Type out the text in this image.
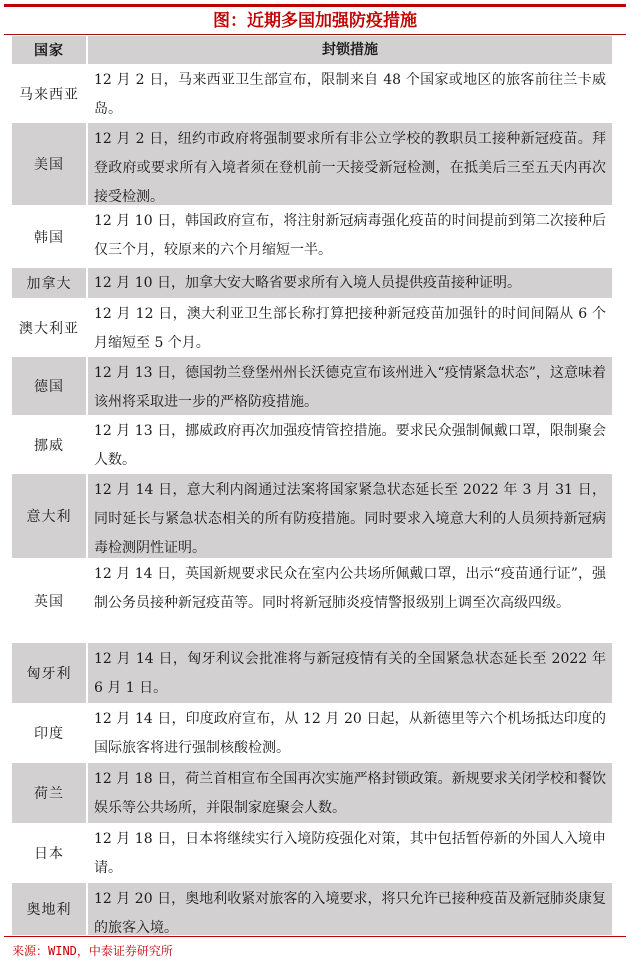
图：近期多国加强防疫措施
国家	封锁措施
马来西亚
12 月 2 日，马来西亚卫生部宣布，限制来自 48 个国家或地区的旅客前往兰卡威岛。
美国
12 月 2 日，纽约市政府将强制要求所有非公立学校的教职员工接种新冠疫苗。拜登政府或要求所有入境者须在登机前一天接受新冠检测，在抵美后三至五天内再次接受检测。
韩国
12 月 10 日，韩国政府宣布，将注射新冠病毒强化疫苗的时间提前到第二次接种后仅三个月，较原来的六个月缩短一半。
加拿大	12 月 10 日，加拿大安大略省要求所有入境人员提供疫苗接种证明。
澳大利亚
12 月 12 日，澳大利亚卫生部长称打算把接种新冠疫苗加强针的时间间隔从 6 个月缩短至 5 个月。
德国
12 月 13 日，德国勃兰登堡州州长沃德克宣布该州进入“疫情紧急状态”，这意味着该州将采取进一步的严格防疫措施。
挪威
12 月 13 日，挪威政府再次加强疫情管控措施。要求民众强制佩戴口罩，限制聚会人数。
意大利
12 月 14 日，意大利内阁通过法案将国家紧急状态延长至 2022 年 3 月 31 日，同时延长与紧急状态相关的所有防疫措施。同时要求入境意大利的人员须持新冠病毒检测阴性证明。
英国
12 月 14 日，英国新规要求民众在室内公共场所佩戴口罩，出示“疫苗通行证”，强制公务员接种新冠疫苗等。同时将新冠肺炎疫情警报级别上调至次高级四级。
匈牙利
12 月 14 日，匈牙利议会批准将与新冠疫情有关的全国紧急状态延长至 2022 年 6 月 1 日。
印度
12 月 14 日，印度政府宣布，从 12 月 20 日起，从新德里等六个机场抵达印度的国际旅客将进行强制核酸检测。
荷兰
12 月 18 日，荷兰首相宣布全国再次实施严格封锁政策。新规要求关闭学校和餐饮娱乐等公共场所，并限制家庭聚会人数。
日本
12 月 18 日，日本将继续实行入境防疫强化对策，其中包括暂停新的外国人入境申请。
奥地利
12 月 20 日，奥地利收紧对旅客的入境要求，将只允许已接种疫苗及新冠肺炎康复的旅客入境。
来源：WIND，中泰证券研究所
